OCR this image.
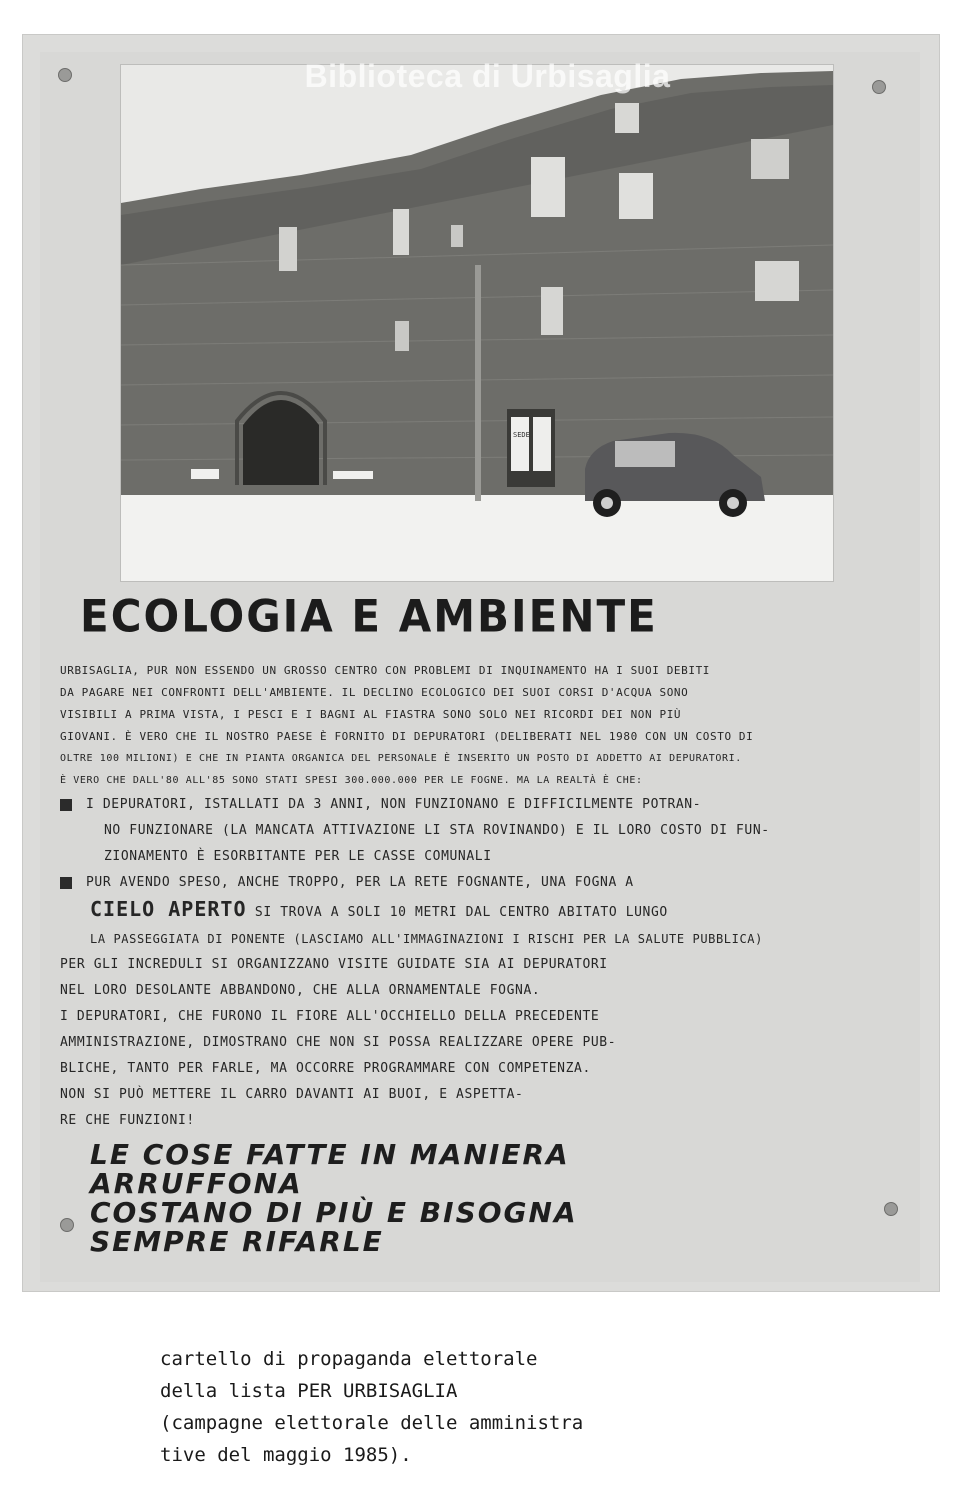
SEDE
Biblioteca di Urbisaglia
ECOLOGIA E AMBIENTE
URBISAGLIA, PUR NON ESSENDO UN GROSSO CENTRO CON PROBLEMI DI INQUINAMENTO HA I SUOI DEBITI
DA PAGARE NEI CONFRONTI DELL'AMBIENTE. IL DECLINO ECOLOGICO DEI SUOI CORSI D'ACQUA SONO
VISIBILI A PRIMA VISTA, I PESCI E I BAGNI AL FIASTRA SONO SOLO NEI RICORDI DEI NON PIÙ
GIOVANI. È VERO CHE IL NOSTRO PAESE È FORNITO DI DEPURATORI (DELIBERATI NEL 1980 CON UN COSTO DI
OLTRE 100 MILIONI) E CHE IN PIANTA ORGANICA DEL PERSONALE È INSERITO UN POSTO DI ADDETTO AI DEPURATORI.
È VERO CHE DALL'80 ALL'85 SONO STATI SPESI 300.000.000 PER LE FOGNE. MA LA REALTÀ È CHE:
I DEPURATORI, ISTALLATI DA 3 ANNI, NON FUNZIONANO E DIFFICILMENTE POTRAN-
NO FUNZIONARE (LA MANCATA ATTIVAZIONE LI STA ROVINANDO) E IL LORO COSTO DI FUN-
ZIONAMENTO È ESORBITANTE PER LE CASSE COMUNALI
PUR AVENDO SPESO, ANCHE TROPPO, PER LA RETE FOGNANTE, UNA FOGNA A
CIELO APERTO SI TROVA A SOLI 10 METRI DAL CENTRO ABITATO LUNGO
LA PASSEGGIATA DI PONENTE (LASCIAMO ALL'IMMAGINAZIONI I RISCHI PER LA SALUTE PUBBLICA)
PER GLI INCREDULI SI ORGANIZZANO VISITE GUIDATE SIA AI DEPURATORI
NEL LORO DESOLANTE ABBANDONO, CHE ALLA ORNAMENTALE FOGNA.
I DEPURATORI, CHE FURONO IL FIORE ALL'OCCHIELLO DELLA PRECEDENTE
AMMINISTRAZIONE, DIMOSTRANO CHE NON SI POSSA REALIZZARE OPERE PUB-
BLICHE, TANTO PER FARLE, MA OCCORRE PROGRAMMARE CON COMPETENZA.
NON SI PUÒ METTERE IL CARRO DAVANTI AI BUOI, E ASPETTA-
RE CHE FUNZIONI!
LE COSE FATTE IN MANIERA
ARRUFFONA
COSTANO DI PIÙ E BISOGNA
SEMPRE RIFARLE
cartello di propaganda elettorale
della lista PER URBISAGLIA
(campagne elettorale delle amministra
tive del maggio 1985).
